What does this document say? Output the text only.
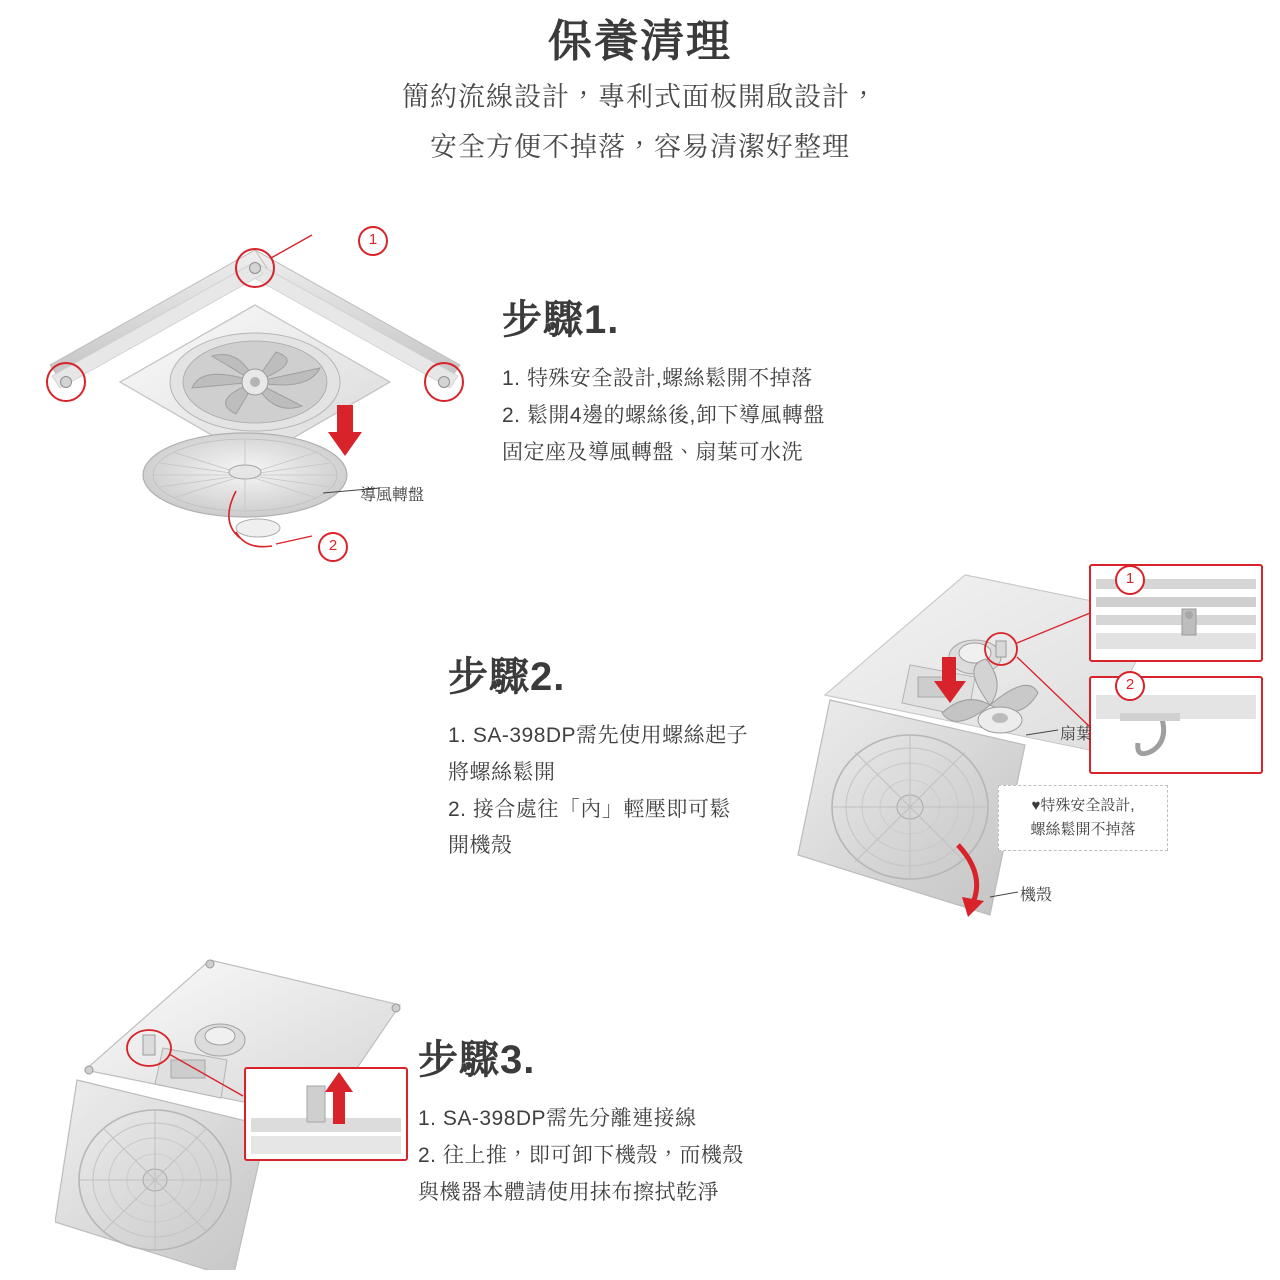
保養清理

簡約流線設計，專利式面板開啟設計，

安全方便不掉落，容易清潔好整理

1
2
導風轉盤
步驟1.

1. 特殊安全設計,螺絲鬆開不掉落

2. 鬆開4邊的螺絲後,卸下導風轉盤

固定座及導風轉盤、扇葉可水洗

步驟2.

1. SA-398DP需先使用螺絲起子

將螺絲鬆開

2. 接合處往「內」輕壓即可鬆

開機殼

1
2
扇葉
機殼
♥特殊安全設計,
螺絲鬆開不掉落
步驟3.

1. SA-398DP需先分離連接線

2. 往上推，即可卸下機殼，而機殼

與機器本體請使用抹布擦拭乾淨
